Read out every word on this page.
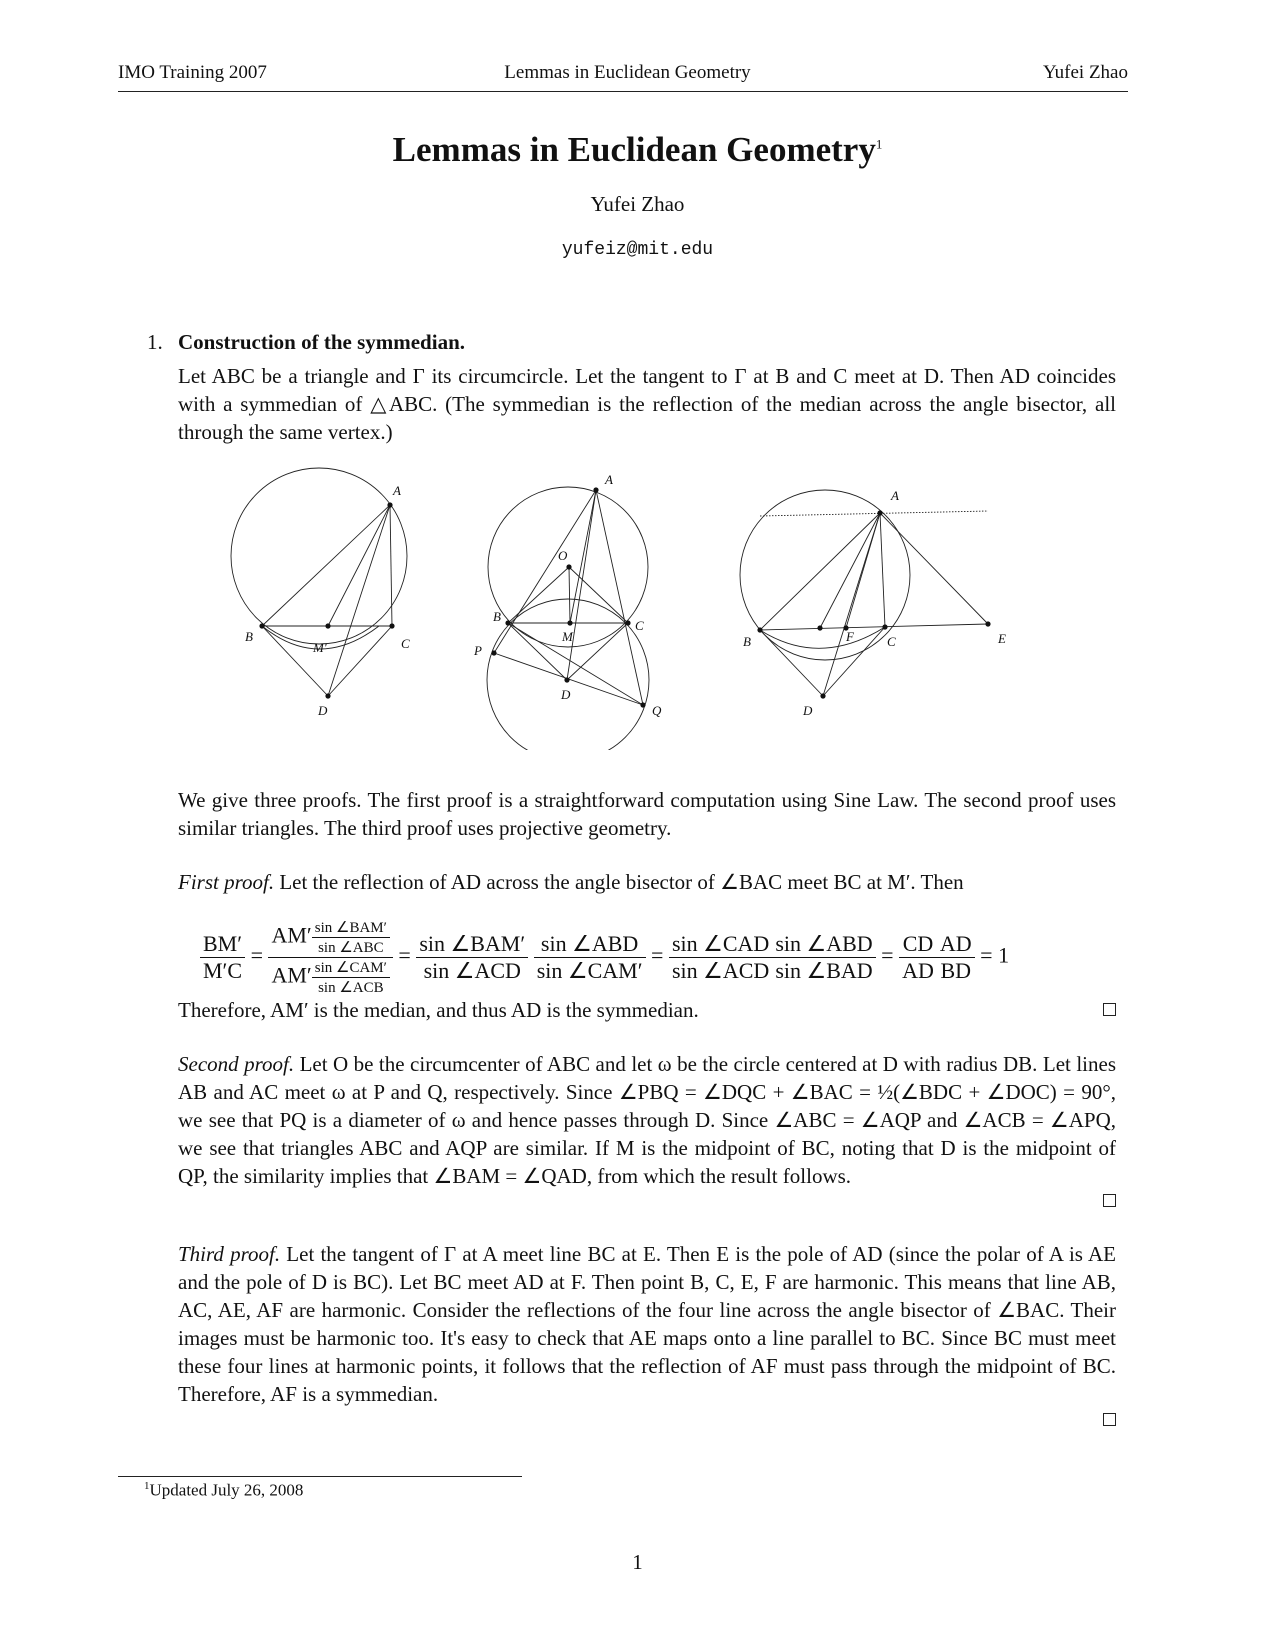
IMO Training 2007	Lemmas in Euclidean Geometry	Yufei Zhao
Lemmas in Euclidean Geometry$^1$
Yufei Zhao
yufeiz@mit.edu
1. Construction of the symmedian.
Let ABC be a triangle and Γ its circumcircle. Let the tangent to Γ at B and C meet at D. Then AD coincides with a symmedian of △ABC. (The symmedian is the reflection of the median across the angle bisector, all through the same vertex.)
A
B	C
M'
D
A
O
B
C
M
P
D
Q
A
B	F	C	E
D
We give three proofs. The first proof is a straightforward computation using Sine Law. The second proof uses similar triangles. The third proof uses projective geometry.
First proof. Let the reflection of AD across the angle bisector of ∠BAC meet BC at M′. Then
$\frac{BM'}{M'C} = \frac{AM' \frac{\text{sin ∠BAM′}}{\text{sin ∠ABC}}}{AM' \frac{\text{sin ∠CAM′}}{\text{sin ∠ACB}}} = \frac{\text{sin ∠BAM′}}{\text{sin ∠ACD}}$
$\frac{\text{sin ∠ABD}}{\text{sin ∠CAM′}} = \frac{\text{sin ∠CAD}}{\text{sin ∠ACD}} \frac{\text{sin ∠ABD}}{\text{sin ∠BAD}} = \frac{CD}{AD} \frac{AD}{BD} = 1$
Therefore, AM′ is the median, and thus AD is the symmedian.
Second proof. Let O be the circumcenter of ABC and let ω be the circle centered at D with radius DB. Let lines AB and AC meet ω at P and Q, respectively. Since ∠PBQ = ∠DQC + ∠BAC = ½(∠BDC + ∠DOC) = 90°, we see that PQ is a diameter of ω and hence passes through D. Since ∠ABC = ∠AQP and ∠ACB = ∠APQ, we see that triangles ABC and AQP are similar. If M is the midpoint of BC, noting that D is the midpoint of QP, the similarity implies that ∠BAM = ∠QAD, from which the result follows.
Third proof. Let the tangent of Γ at A meet line BC at E. Then E is the pole of AD (since the polar of A is AE and the pole of D is BC). Let BC meet AD at F. Then point B, C, E, F are harmonic. This means that line AB, AC, AE, AF are harmonic. Consider the reflections of the four line across the angle bisector of ∠BAC. Their images must be harmonic too. It's easy to check that AE maps onto a line parallel to BC. Since BC must meet these four lines at harmonic points, it follows that the reflection of AF must pass through the midpoint of BC. Therefore, AF is a symmedian.
$^1$Updated July 26, 2008
1
